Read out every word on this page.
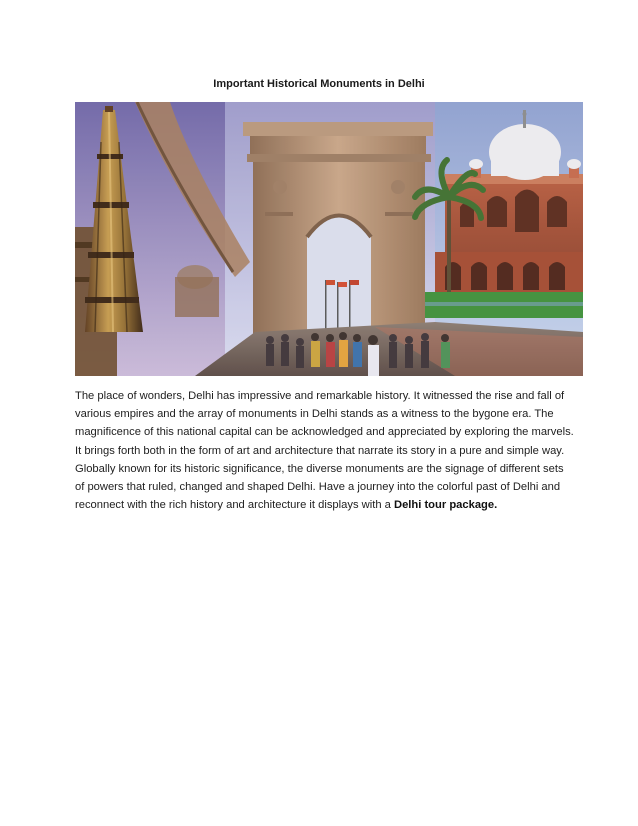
Important Historical Monuments in Delhi

The place of wonders, Delhi has impressive and remarkable history. It witnessed the rise and fall of various empires and the array of monuments in Delhi stands as a witness to the bygone era. The magnificence of this national capital can be acknowledged and appreciated by exploring the marvels. It brings forth both in the form of art and architecture that narrate its story in a pure and simple way. Globally known for its historic significance, the diverse monuments are the signage of different sets of powers that ruled, changed and shaped Delhi. Have a journey into the colorful past of Delhi and reconnect with the rich history and architecture it displays with a Delhi tour package.
